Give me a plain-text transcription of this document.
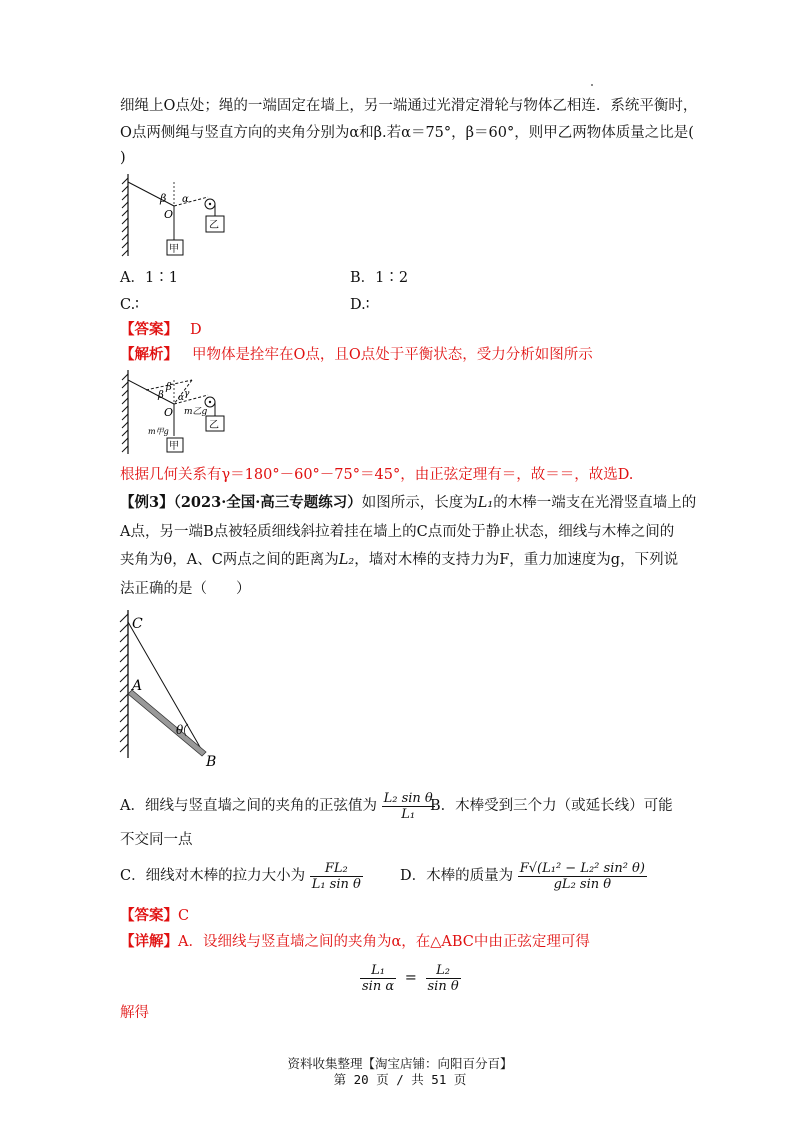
细绳上O点处；绳的一端固定在墙上，另一端通过光滑定滑轮与物体乙相连．系统平衡时，
O点两侧绳与竖直方向的夹角分别为α和β.若α＝75°，β＝60°，则甲乙两物体质量之比是(
)
β α
O
甲
乙
A．1∶1	B．1∶2
C.∶	D.∶
【答案】 D
【解析】 甲物体是拴牢在O点，且O点处于平衡状态，受力分析如图所示
β
β α γ
O m乙g
m甲g
甲
乙
根据几何关系有γ＝180°－60°－75°＝45°，由正弦定理有＝，故＝＝，故选D.
【例3】（2023·全国·高三专题练习）如图所示，长度为L₁的木棒一端支在光滑竖直墙上的
A点，另一端B点被轻质细线斜拉着挂在墙上的C点而处于静止状态，细线与木棒之间的
夹角为θ，A、C两点之间的距离为L₂，墙对木棒的支持力为F，重力加速度为g，下列说
法正确的是（　　）
C
A
θ
B
A．细线与竖直墙之间的夹角的正弦值为 $\frac{\text{L₂ sin θ}}{\text{L₁}}$
B．木棒受到三个力（或延长线）可能
不交同一点
C．细线对木棒的拉力大小为 $\frac{\text{FL₂}}{\text{L₁ sin θ}}$	D．木棒的质量为 $\frac{\text{F√(L₁² − L₂² sin² θ)}}{\text{gL₂ sin θ}}$
【答案】C
【详解】A．设细线与竖直墙之间的夹角为α，在△ABC中由正弦定理可得
$\frac{\text{L₁}}{\text{sin α}} = \frac{\text{L₂}}{\text{sin θ}}$
解得
资料收集整理【淘宝店铺：向阳百分百】
第 20 页 / 共 51 页
